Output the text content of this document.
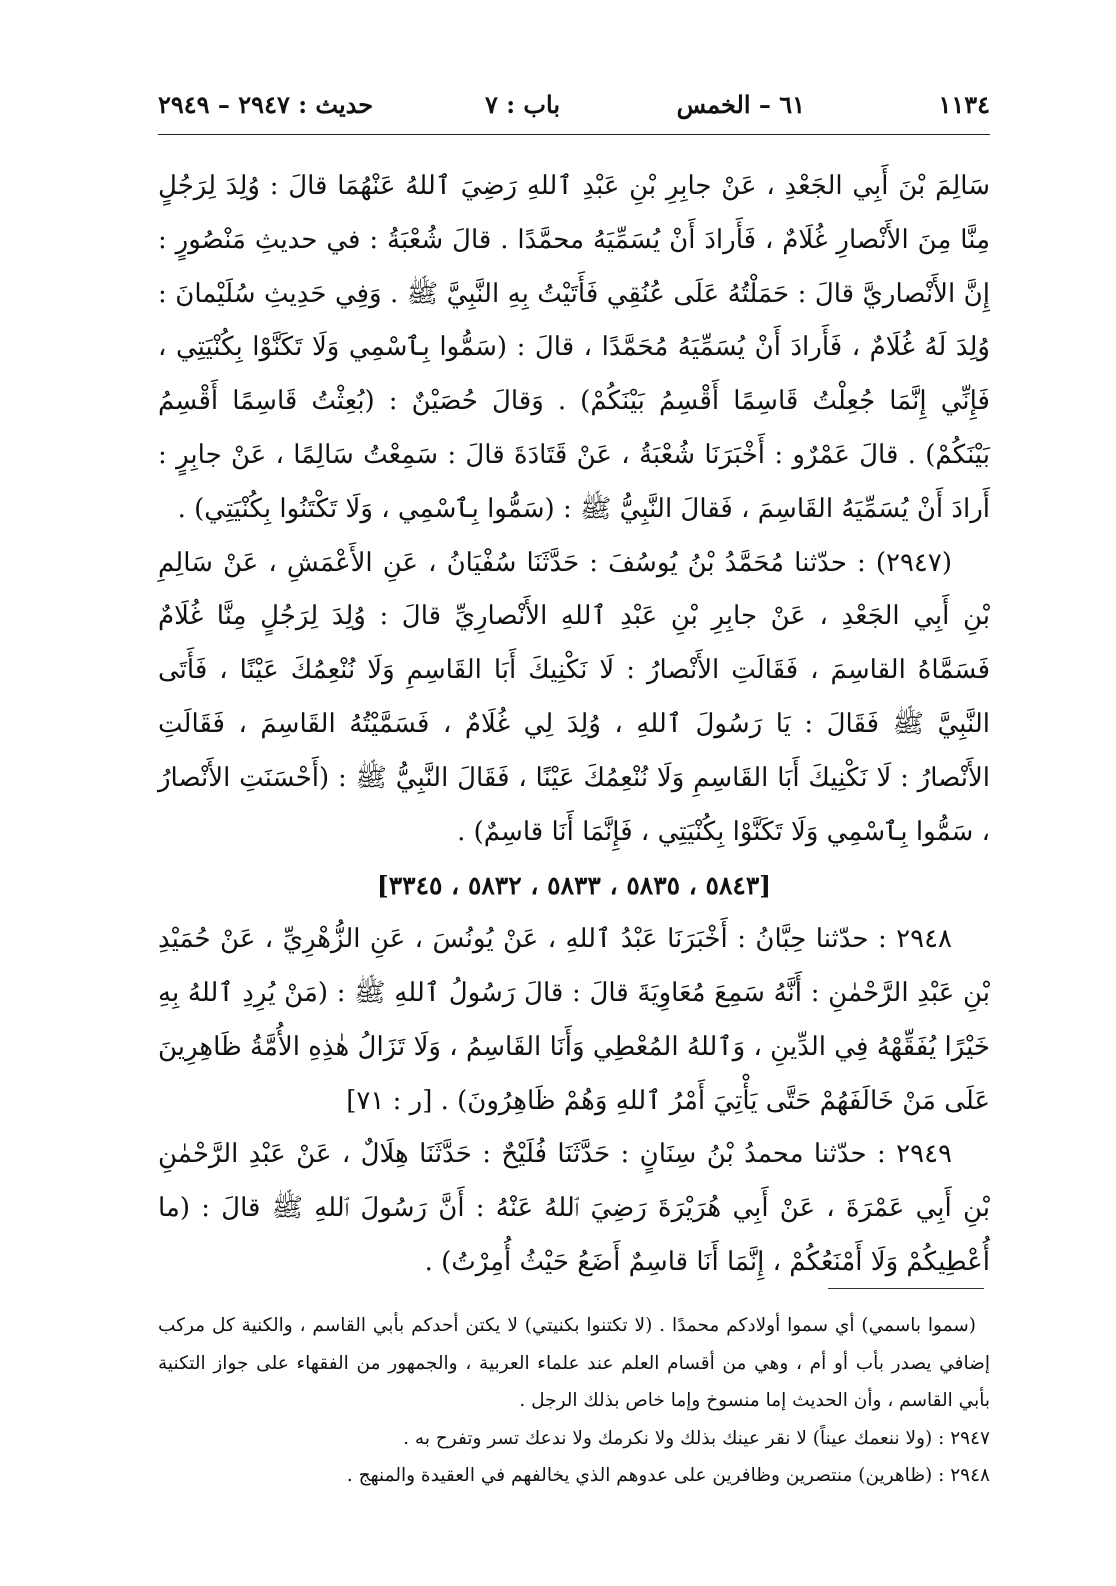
١١٣٤
٦١ – الخمس
باب : ٧
حديث : ٢٩٤٧ – ٢٩٤٩

سَالِمَ بْنَ أَبِي الجَعْدِ ، عَنْ جابِرِ بْنِ عَبْدِ ٱللهِ رَضِيَ ٱللهُ عَنْهُمَا قالَ : وُلِدَ لِرَجُلٍ مِنَّا مِنَ الأَنْصارِ غُلَامٌ ، فَأَرادَ أَنْ يُسَمِّيَهُ محمَّدًا . قالَ شُعْبَةُ : في حديثِ مَنْصُورٍ : إِنَّ الأَنْصاريَّ قالَ : حَمَلْتُهُ عَلَى عُنُقِي فَأَتَيْتُ بِهِ النَّبِيَّ ﷺ . وَفِي حَدِيثِ سُلَيْمانَ : وُلِدَ لَهُ غُلَامٌ ، فَأَرادَ أَنْ يُسَمِّيَهُ مُحَمَّدًا ، قالَ : (سَمُّوا بِٱسْمِي وَلَا تَكَنَّوْا بِكُنْيَتِي ، فَإِنِّي إِنَّمَا جُعِلْتُ قَاسِمًا أَقْسِمُ بَيْنَكُمْ) . وَقالَ حُصَيْنٌ : (بُعِثْتُ قَاسِمًا أَقْسِمُ بَيْنَكُمْ) . قالَ عَمْرٌو : أَخْبَرَنَا شُعْبَةُ ، عَنْ قَتَادَةَ قالَ : سَمِعْتُ سَالِمًا ، عَنْ جابِرٍ : أَرادَ أَنْ يُسَمِّيَهُ القَاسِمَ ، فَقالَ النَّبِيُّ ﷺ : (سَمُّوا بِٱسْمِي ، وَلَا تَكْتَنُوا بِكُنْيَتِي) .

(٢٩٤٧) : حدّثنا مُحَمَّدُ بْنُ يُوسُفَ : حَدَّثَنَا سُفْيَانُ ، عَنِ الأَعْمَشِ ، عَنْ سَالِمِ بْنِ أَبِي الجَعْدِ ، عَنْ جابِرِ بْنِ عَبْدِ ٱللهِ الأَنْصارِيِّ قالَ : وُلِدَ لِرَجُلٍ مِنَّا غُلَامٌ فَسَمَّاهُ القاسِمَ ، فَقَالَتِ الأَنْصارُ : لَا نَكْنِيكَ أَبَا القَاسِمِ وَلَا نُنْعِمُكَ عَيْنًا ، فَأَتَى النَّبِيَّ ﷺ فَقَالَ : يَا رَسُولَ ٱللهِ ، وُلِدَ لِي غُلَامٌ ، فَسَمَّيْتُهُ القَاسِمَ ، فَقَالَتِ الأَنْصارُ : لَا نَكْنِيكَ أَبَا القَاسِمِ وَلَا نُنْعِمُكَ عَيْنًا ، فَقَالَ النَّبِيُّ ﷺ : (أَحْسَنَتِ الأَنْصارُ ، سَمُّوا بِٱسْمِي وَلَا تَكَنَّوْا بِكُنْيَتِي ، فَإِنَّمَا أَنَا قاسِمٌ) .

[٥٨٤٣ ، ٥٨٣٥ ، ٥٨٣٣ ، ٥٨٣٢ ، ٣٣٤٥]

٢٩٤٨ : حدّثنا حِبَّانُ : أَخْبَرَنَا عَبْدُ ٱللهِ ، عَنْ يُونُسَ ، عَنِ الزُّهْرِيِّ ، عَنْ حُمَيْدِ بْنِ عَبْدِ الرَّحْمٰنِ : أَنَّهُ سَمِعَ مُعَاوِيَةَ قالَ : قالَ رَسُولُ ٱللهِ ﷺ : (مَنْ يُرِدِ ٱللهُ بِهِ خَيْرًا يُفَقِّهْهُ فِي الدِّينِ ، وَٱللهُ المُعْطِي وَأَنَا القَاسِمُ ، وَلَا تَزَالُ هٰذِهِ الأُمَّةُ ظَاهِرِينَ عَلَى مَنْ خَالَفَهُمْ حَتَّى يَأْتِيَ أَمْرُ ٱللهِ وَهُمْ ظَاهِرُونَ) . [ر : ٧١]

٢٩٤٩ : حدّثنا محمدُ بْنُ سِنَانٍ : حَدَّثَنَا فُلَيْحٌ : حَدَّثَنَا هِلَالٌ ، عَنْ عَبْدِ الرَّحْمٰنِ بْنِ أَبِي عَمْرَةَ ، عَنْ أَبِي هُرَيْرَةَ رَضِيَ ٱللهُ عَنْهُ : أَنَّ رَسُولَ ٱللهِ ﷺ قالَ : (ما أُعْطِيكُمْ وَلَا أَمْنَعُكُمْ ، إِنَّمَا أَنَا قاسِمٌ أَضَعُ حَيْثُ أُمِرْتُ) .

(سموا باسمي) أي سموا أولادكم محمدًا . (لا تكتنوا بكنيتي) لا يكتن أحدكم بأبي القاسم ، والكنية كل مركب إضافي يصدر بأب أو أم ، وهي من أقسام العلم عند علماء العربية ، والجمهور من الفقهاء على جواز التكنية بأبي القاسم ، وأن الحديث إما منسوخ وإما خاص بذلك الرجل .

٢٩٤٧ : (ولا ننعمك عيناً) لا نقر عينك بذلك ولا نكرمك ولا ندعك تسر وتفرح به .

٢٩٤٨ : (ظاهرين) منتصرين وظافرين على عدوهم الذي يخالفهم في العقيدة والمنهج .
